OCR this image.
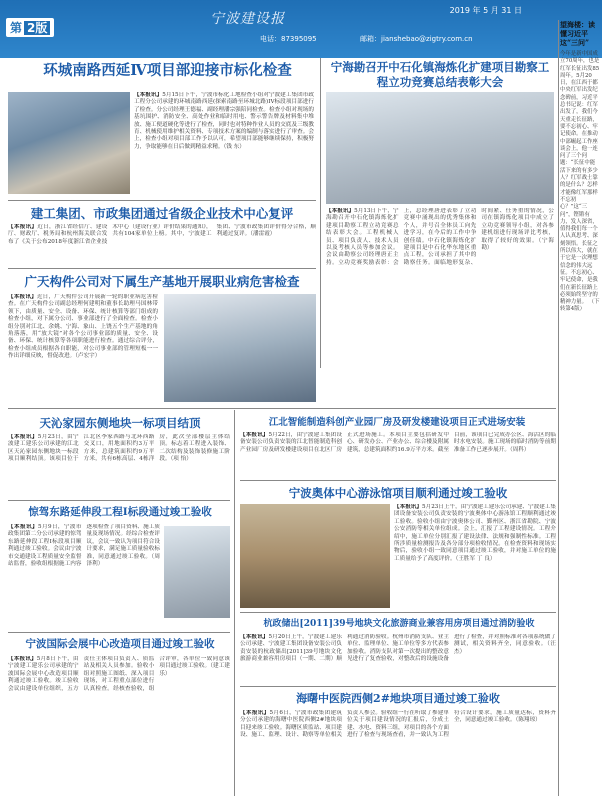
第 2版
宁波建设报
2019 年 5 月 31 日
电话：87395095	邮箱：jianshebao@zigtry.com.cn
环城南路西延Ⅳ项目部迎接市标化检查
【本报讯】5月15日下午，宁波市标化工地检查小组对宁波建工集团市政工程分公司承建的环城南路西延(探索南路至环城北路)IV标段项目部进行了检查。分公司经理王德福、副经理潘宗强陪同检查。检查小组对现场的基坑围护、消防安全、高处作业和临时用电、警示警告牌及材料集中堆放、施工便道硬化等进行了检查，同时也对特种作业人员的交底及三级教育、机械使用维护相关资料、专项技术方案的编制与落实进行了审查。会上，检查小组对项目部工作予以认可，希望项目部能够继续保持，积极努力，争取能够在日后做到精益求精。（钱 东）
宁海勘召开中石化镇海炼化扩建项目勘察工程立功竞赛总结表彰大会
【本报讯】5月13日下午，宁海勘召开中石化镇海炼化扩建项目勘察工程立功竞赛总结表彰大会。工程机械人员、项目负责人、技术人员以及考核人员等参加会议。会议由勘察公司经理唐正主持。立功竞赛奖励表彰：会上，总经理唐进表彰了立功竞赛中涌现出的优秀集体和个人，并号召全体员工向先进学习，在今后的工作中争创佳绩。中石化镇海炼化扩建项目是中石化华东地区重点工程，公司承担了其中的勘察任务。面临地形复杂、时间紧、任务重的情况，公司在镇海炼化项目中成立了立功竞赛领导小组，对各参建机组进行现场评比考核，取得了较好的效果。（宁海勘）
建工集团、市政集团通过省级企业技术中心复评
【本报讯】近日，浙江省经信厅、建设厅、财政厅、税务局和杭州海关联合发布了《关于公布2018年度浙江省企业技术中心（建设行业）评价结果的通知》，共有104家单位上榜。其中，宁波建工集团、宁波市政集团评价得分合格，顺利通过复评。（潘雷霞）
广天构件公司对下属生产基地开展职业病危害检查
【本报讯】近日，广天构件公司开展新一轮的职业病危害检查。在广天构件公司副总经理何建明和董事长助理马国林带领下，由质量、安全、设备、环保、统计核算等部门组成的检查小组，对下属分公司、事业部进行了全面检查。检查小组分别对江北、余姚、宁海、象山、上饶五个生产基地的角角落落，用“放大镜”对各个公司事业部的质量、安全、设备、环保、统计核算等各项职能进行检查。通过综合评分，检查小组成员根据各自职能，对公司事业部的管理短板一一作出详细反映，督促改进。（卢宏宇）
天沁家园东侧地块一标项目结顶
【本报讯】5月23日，由宁波建工建乐公司承建的江北区天沁家园东侧地块一标段项目顺利结顶。该项目位于江北区李家西路与北环西路交叉口，用地面积约3万平方米，总建筑面积约9万平方米，共有6栋高层、4栋洋房，此次全部楼层主体结顶。标志着工程进入装饰、二次结构及装饰装修施工阶段。（项 怡）
江北智能制造科创产业园厂房及研发楼建设项目正式进场安装
【本报讯】5月22日，由宁波建工集团设备安装公司负责安装的江北智能制造科创产业园厂房及研发楼建设项目在北区厂房正式进场施工。本项目主要包括研发中心、研发办公、产业办公、综合楼及附属建筑，总建筑面积约16.9万平方米。截至目前，该项目已完成办公区、海活区的临时水电安装。施工现场的临时消防等前期准备工作已逐步展开。（周科）
宁波奥体中心游泳馆项目顺利通过竣工验收
【本报讯】5月23日上午，由宁波建工建乐公司承建、宁波建工集团设备安装公司负责安装的宁波奥体中心游泳馆工程顺利通过竣工验收。验收小组由宁波奥体公司、鄞州区、浙江省勘院、宁波公安消防等相关单位组成。会上，汇报了工程建设情况。工程介绍中，施工单位分别汇报了建设法律、法规和强制性标准。工程所涉质量检测报告及各分部分项检收情况。在检查资料和现场实物后，验收小组一致同意项目通过竣工验收，并对施工单位的施工质量给予了高度评价。（王胜军 丁 良）
惊驾东路延伸段工程Ⅰ标段通过竣工验收
【本报讯】5月9日，宁波市政集团第二分公司承建的惊驾东路延伸段工程Ⅰ标段项目顺利通过竣工验收。会议由宁波市交通建设工程质量安全监督站监督，验收组根据施工内容逐项检查了项目资料、施工质量及现场情况。经综合检查评议，会议一致认为项目符合设计要求，满足施工质量验收标准，同意通过竣工验收。（周泽利）
杭政储出[2011]39号地块文化旅游商业兼容用房项目通过消防验收
【本报讯】5月20日上午，宁波建工建乐公司承建、宁波建工集团设备安装公司负责安装的杭政储出[2011]39号地块文化旅游商业兼容用房项目（一期、二期）顺利通过消防验收。杭州市消防支队、业主单位、监理单位、施工单位等多方代表参加验收。消防支队对第一次提出的整改意见进行了复查验收，对整改后的设施设备进行了检查，并对照标准对各项系统做了测试，相关资料齐全，同意验收。（汪 杰）
宁波国际会展中心改造项目通过竣工验收
【本报讯】5月8日下午，由宁波建工建乐公司承建的宁波国际会展中心改造项目顺利通过竣工验收。竣工验收会议由建设单位组织，五方责任主体项目负责人、质监站及相关人员参加。验收小组对照施工图纸、深入项目现场，对工程重点部位进行认真检查。经核查验收，组合评审，各单位一致同意该项目通过竣工验收。（建工建乐）
海曙中医院西侧2#地块项目通过竣工验收
【本报讯】5月6日，宁波市政集团建筑分公司承建的海曙中医院西侧2#地块项目迎来竣工验收。海曙区质监站、项目建设、施工、监理、设计、勘察等单位相关负责人参会。验收组一行在听取了参建单位关于项目建设情况的汇报后，分成土建、水电、资料三组，对项目的各个方面进行了检查与现场查看，并一致认为工程符合设计要求，施工质量达标，资料齐全，同意通过竣工验收。（陈翔琼）
望海楼：读懂习近平这“三问”
今年是新中国成立70周年，也是红军长征出发85周年。5月20日，在江西于都中央红军出发纪念碑前，习近平总书记说：红军出发了，我们今天重走长征路，要不忘初心、牢记使命。在推动中部崛起工作座谈会上，他一连问了三个问题：“长征中能活下来的有多少人？红军战士靠的是什么？怎样才能像红军那样不忘初心？”这“三问”，铿锵有力，发人深省，值得我们每一个人认真思考、深刻领悟。长征之所以伟大，就在于它是一次理想信念的伟大远征。不忘初心、牢记使命，是我们在新长征路上必须始终坚守的精神力量。 （下转第4版）
